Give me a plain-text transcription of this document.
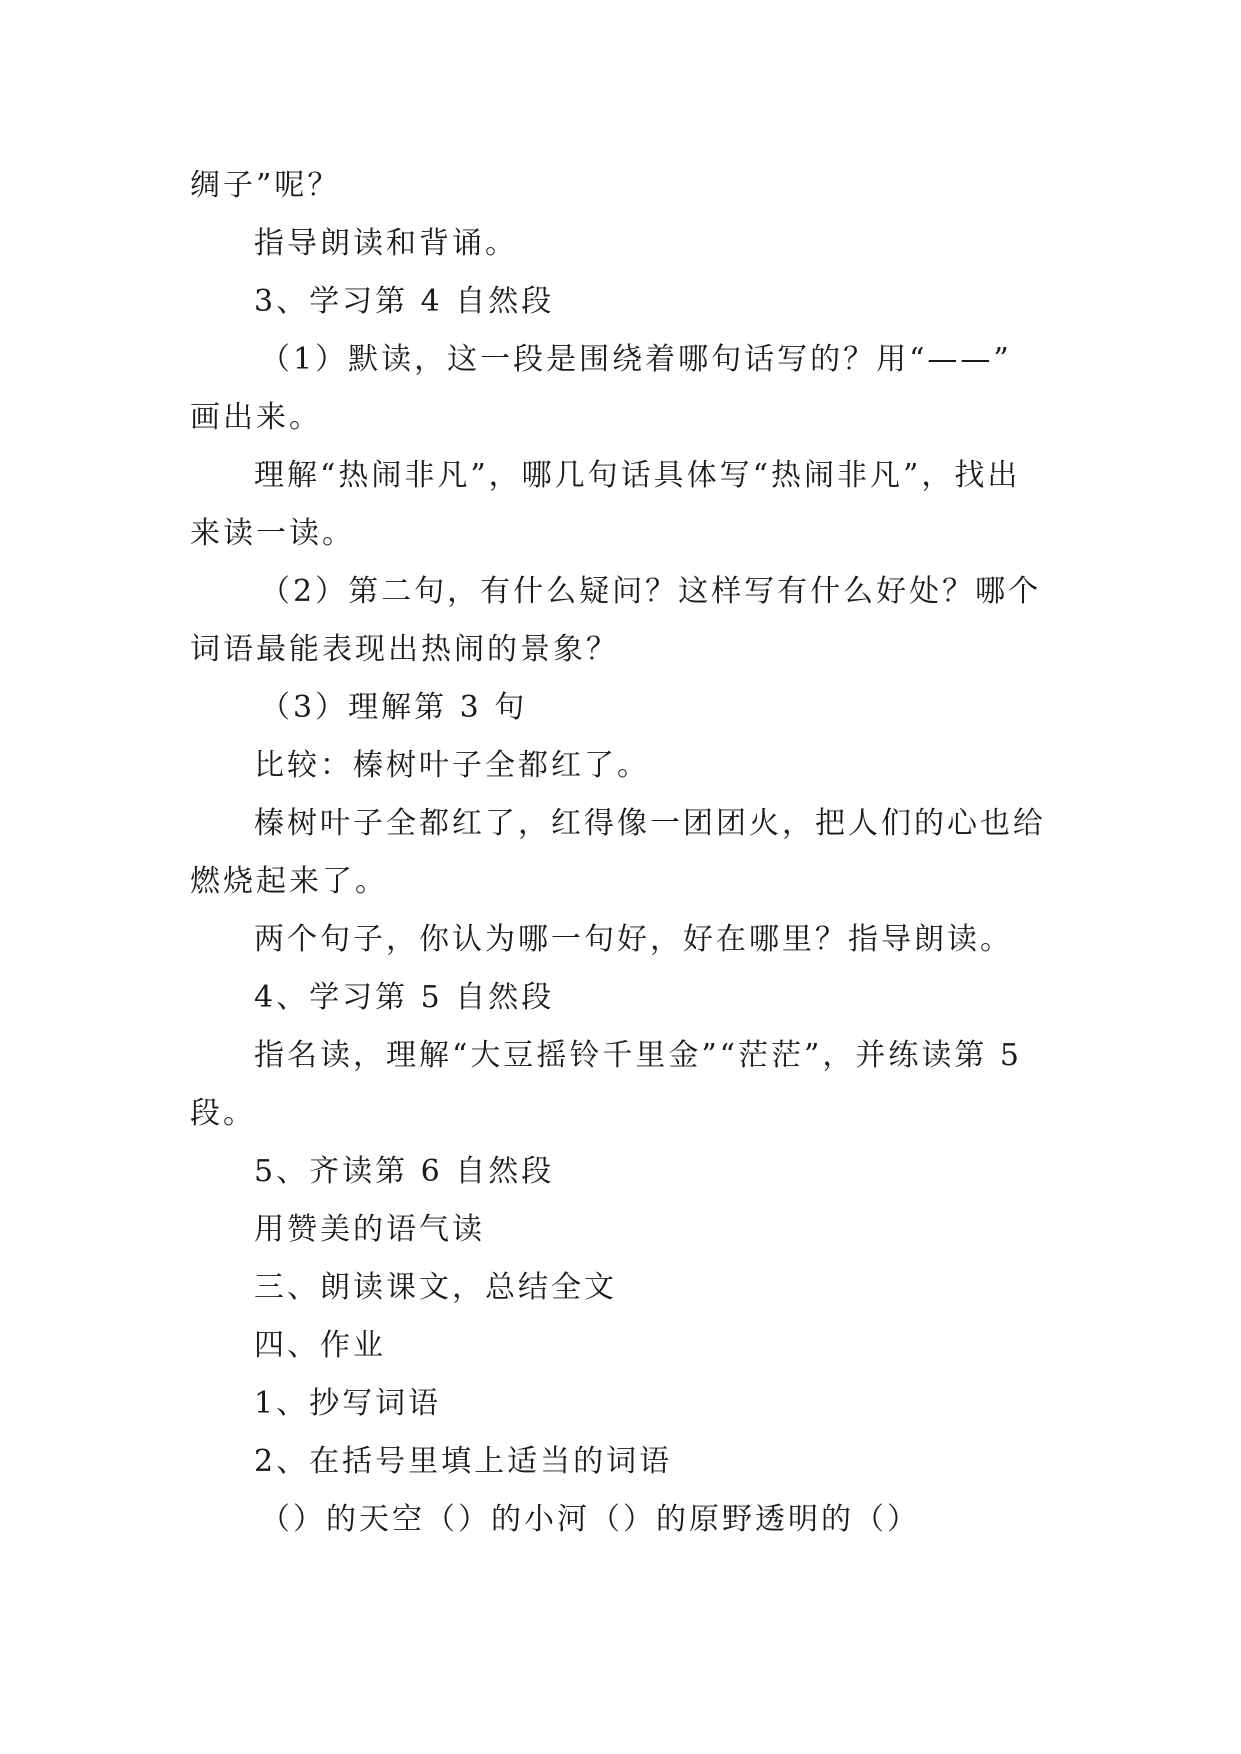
绸子”呢？
指导朗读和背诵。
3、学习第 4 自然段
（1）默读，这一段是围绕着哪句话写的？用“——”
画出来。
理解“热闹非凡”，哪几句话具体写“热闹非凡”，找出
来读一读。
（2）第二句，有什么疑问？这样写有什么好处？哪个
词语最能表现出热闹的景象？
（3）理解第 3 句
比较：榛树叶子全都红了。
榛树叶子全都红了，红得像一团团火，把人们的心也给
燃烧起来了。
两个句子，你认为哪一句好，好在哪里？指导朗读。
4、学习第 5 自然段
指名读，理解“大豆摇铃千里金”“茫茫”，并练读第 5
段。
5、齐读第 6 自然段
用赞美的语气读
三、朗读课文，总结全文
四、作业
1、抄写词语
2、在括号里填上适当的词语
（）的天空（）的小河（）的原野透明的（）
